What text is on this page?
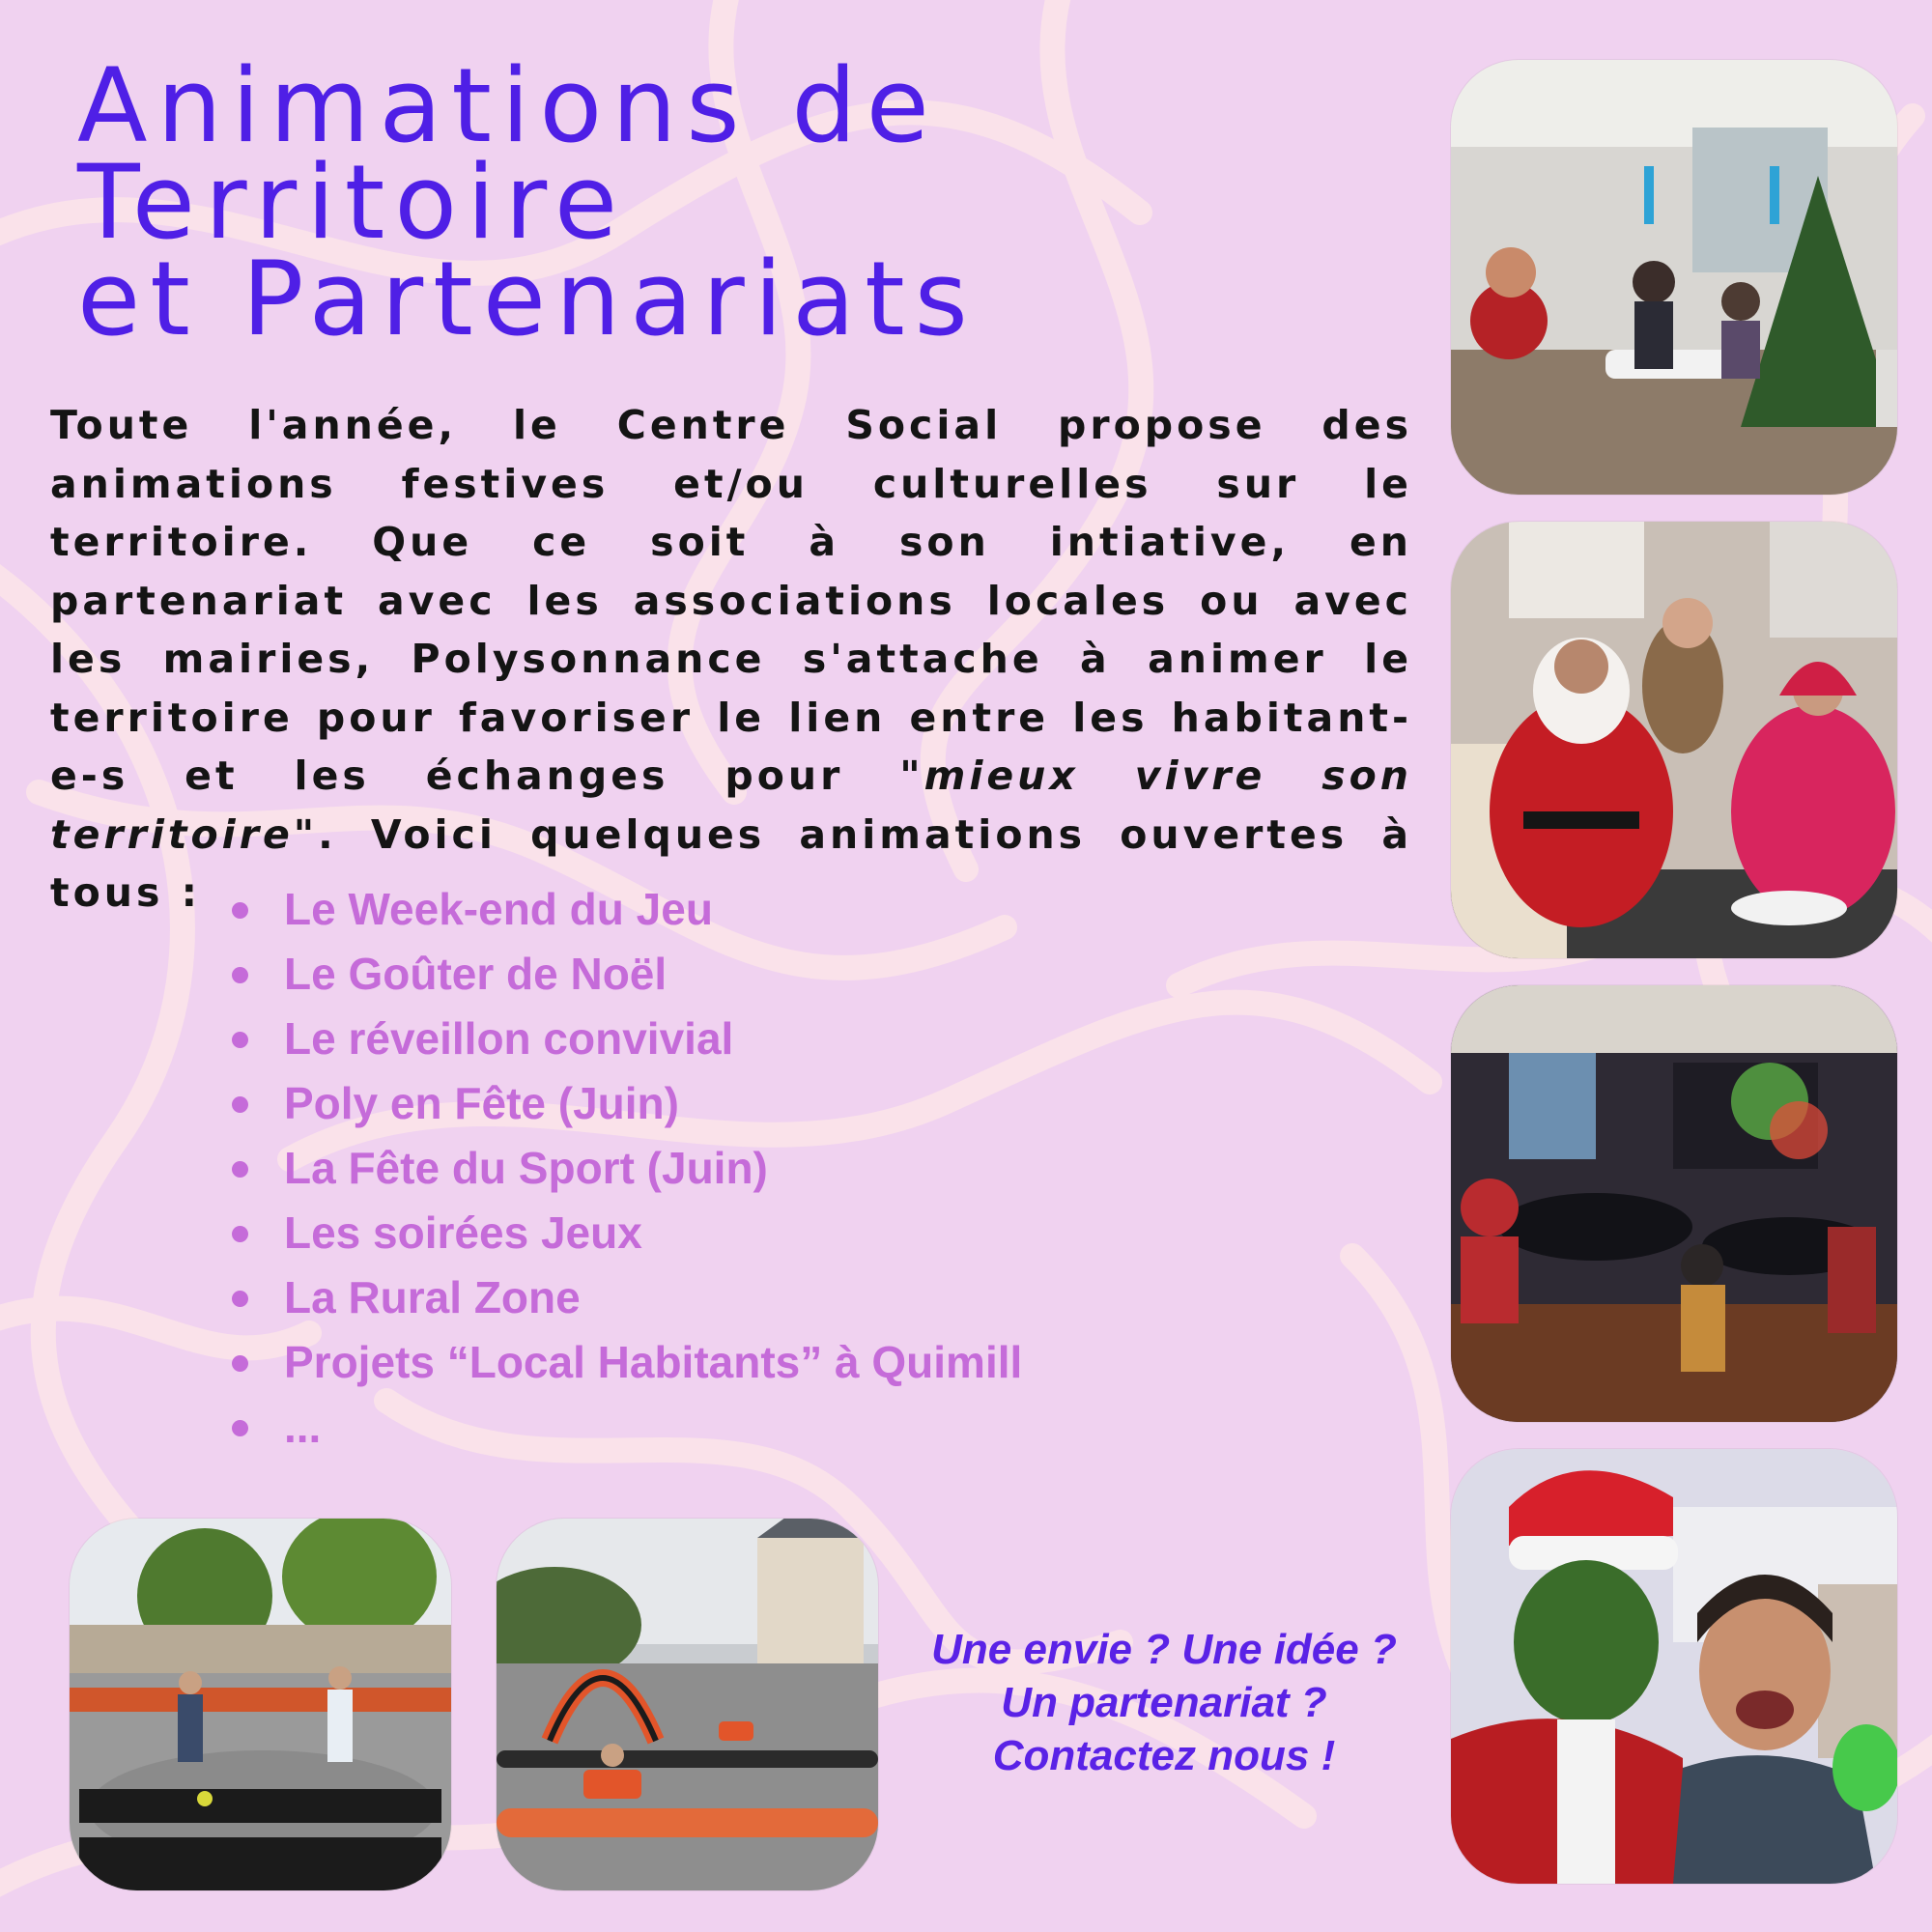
Animations de
Territoire
et Partenariats

Toute l'année, le Centre Social propose des animations festives et/ou culturelles sur le territoire. Que ce soit à son intiative, en partenariat avec les associations locales ou avec les mairies, Polysonnance s'attache à animer le territoire pour favoriser le lien entre les habitant-e-s et les échanges pour "mieux vivre son territoire". Voici quelques animations ouvertes à tous :	Le Week-end du Jeu
Le Goûter de Noël
Le réveillon convivial
Poly en Fête (Juin)
La Fête du Sport (Juin)
Les soirées Jeux
La Rural Zone
Projets “Local Habitants” à Quimill
...

Une envie ? Une idée ?
Un partenariat ?
Contactez nous !
